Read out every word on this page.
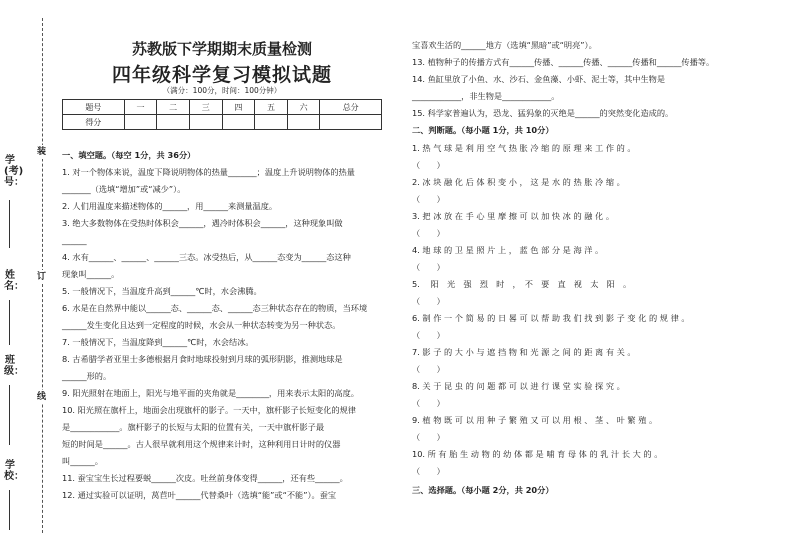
装
订
线
学(考)号：
姓名：
班级：
学校：
苏教版下学期期末质量检测
四年级科学复习模拟试题
（满分：100分，时间：100分钟）
题号	一	二	三	四	五	六	总分
得分							
一、填空题。（每空 1分，共 36分）
1. 对一个物体来说，温度下降说明物体的热量_______；温度上升说明物体的热量
_______（选填“增加”或“减少”）。
2. 人们用温度来描述物体的______，用______来测量温度。
3. 绝大多数物体在受热时体积会______，遇冷时体积会______，这种现象叫做
______
4. 水有______、______、______三态。冰受热后，从______态变为______态这种
现象叫______。
5. 一般情况下，当温度升高到______℃时，水会沸腾。
6. 水是在自然界中能以______态、______态、______态三种状态存在的物质，当环境
______发生变化且达到一定程度的时候，水会从一种状态转变为另一种状态。
7. 一般情况下，当温度降到______℃时，水会结冰。
8. 古希腊学者亚里士多德根据月食时地球投射到月球的弧形阴影，推测地球是
______形的。
9. 阳光照射在地面上，阳光与地平面的夹角就是________，用来表示太阳的高度。
10. 阳光照在旗杆上，地面会出现旗杆的影子。一天中，旗杆影子长短变化的规律
是____________。旗杆影子的长短与太阳的位置有关，一天中旗杆影子最
短的时间是______。古人很早就利用这个规律来计时，这种利用日计时的仪器
叫______。
11. 蚕宝宝生长过程要蜕______次皮。吐丝前身体变得______，还有些______。
12. 通过实验可以证明，莴苣叶______代替桑叶（选填“能”或“不能”）。蚕宝
宝喜欢生活的______地方（选填“黑暗”或“明亮”）。
13. 植物种子的传播方式有______传播、______传播、______传播和______传播等。
14. 鱼缸里放了小鱼、水、沙石、金鱼藻、小虾、泥土等，其中生物是
____________，非生物是____________。
15. 科学家普遍认为，恐龙、猛犸象的灭绝是______的突然变化造成的。
二、判断题。（每小题 1分，共 10分）
1. 热 气 球 是 利 用 空 气 热 胀 冷 缩 的 原 理 来 工 作 的 。
（　　）
2. 冰 块 融 化 后 体 积 变 小 ， 这 是 水 的 热 胀 冷 缩 。
（　　）
3. 把 冰 放 在 手 心 里 摩 擦 可 以 加 快 冰 的 融 化 。
（　　）
4. 地 球 的 卫 星 照 片 上 ， 蓝 色 部 分 是 海 洋 。
（　　）
5. 　阳　光　强　烈　时　，　不　要　直　视　太　阳　。
（　　）
6. 制 作 一 个 简 易 的 日 晷 可 以 帮 助 我 们 找 到 影 子 变 化 的 规 律 。
（　　）
7. 影 子 的 大 小 与 遮 挡 物 和 光 源 之 间 的 距 离 有 关 。
（　　）
8. 关 于 昆 虫 的 问 题 都 可 以 进 行 课 堂 实 验 探 究 。
（　　）
9. 植 物 既 可 以 用 种 子 繁 殖 又 可 以 用 根 、 茎 、 叶 繁 殖 。
（　　）
10. 所 有 胎 生 动 物 的 幼 体 都 是 哺 育 母 体 的 乳 汁 长 大 的 。
（　　）
三、选择题。（每小题 2分，共 20分）
